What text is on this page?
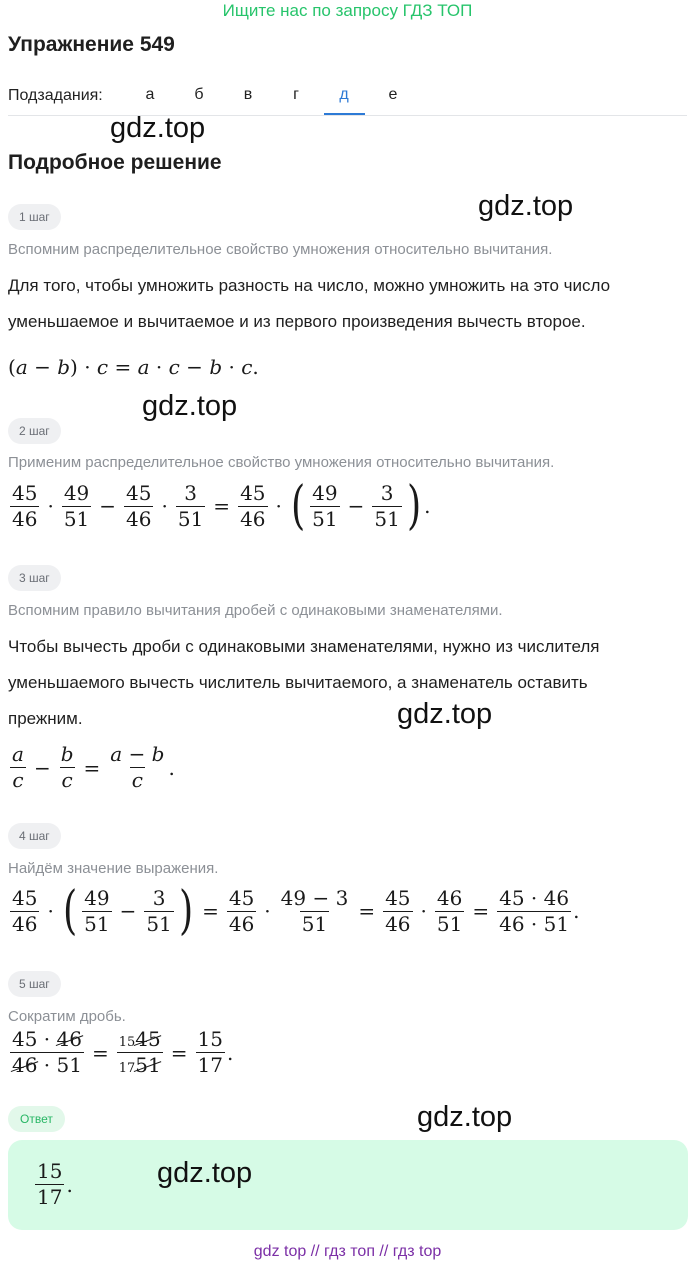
Ищите нас по запросу ГДЗ ТОП
Упражнение 549
Подзадания:	а	б	в	г	д	е
gdz.top
Подробное решение
gdz.top
1 шаг
Вспомним распределительное свойство умножения относительно вычитания.
Для того, чтобы умножить разность на число, можно умножить на это число
уменьшаемое и вычитаемое и из первого произведения вычесть второе.
(a − b) · c = a · c − b · c.
gdz.top
2 шаг
Применим распределительное свойство умножения относительно вычитания.
$\frac{45}{46} \cdot \frac{49}{51} - \frac{45}{46} \cdot \frac{3}{51} = \frac{45}{46}$ · ( $\frac{49}{51} - \frac{3}{51}$ ) .
3 шаг
Вспомним правило вычитания дробей с одинаковыми знаменателями.
Чтобы вычесть дроби с одинаковыми знаменателями, нужно из числителя
уменьшаемого вычесть числитель вычитаемого, а знаменатель оставить
прежним.	gdz.top
$\frac{a}{c} - \frac{b}{c} = \frac{a - b}{c}$ .
4 шаг
Найдём значение выражения.
$\frac{45}{46}$ · ( $\frac{49}{51} - \frac{3}{51}$ ) = $\frac{45}{46} \cdot \frac{49 - 3}{51} = \frac{45}{46} \cdot \frac{46}{51} = \frac{45 \cdot 46}{46 \cdot 51}$ .
5 шаг
Сократим дробь.
$\frac{45 \cdot 46}{46 \cdot 51} = \frac{1545}{1751} = \frac{15}{17}$ .
Ответ	gdz.top
$\frac{15}{17}$ .	gdz.top
gdz top // гдз топ // гдз top
